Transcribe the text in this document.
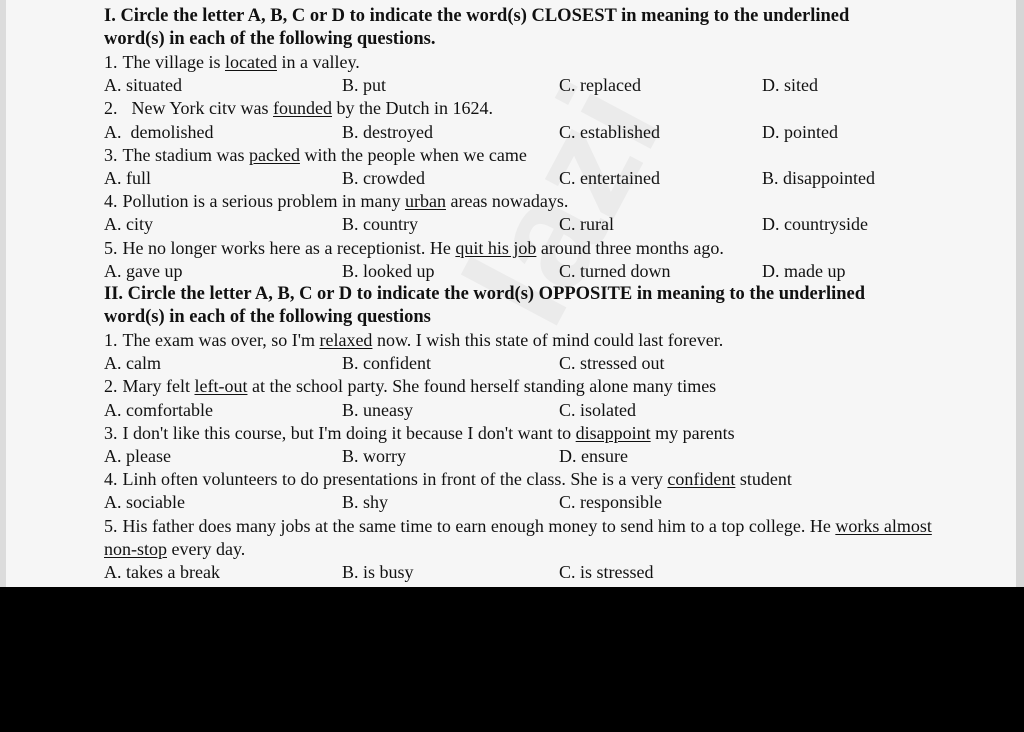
I. Circle the letter A, B, C or D to indicate the word(s) CLOSEST in meaning to the underlined
word(s) in each of the following questions.
1. The village is located in a valley.
A. situated	B. put	C. replaced	D. sited
2. New York citv was founded by the Dutch in 1624.
A.  demolished	B. destroyed	C. established	D. pointed
3. The stadium was packed with the people when we came
A. full	B. crowded	C. entertained	B. disappointed
4. Pollution is a serious problem in many urban areas nowadays.
A. city	B. country	C. rural	D. countryside
5. He no longer works here as a receptionist. He quit his job around three months ago.
A. gave up	B. looked up	C. turned down	D. made up
II. Circle the letter A, B, C or D to indicate the word(s) OPPOSITE in meaning to the underlined
word(s) in each of the following questions
1. The exam was over, so I'm relaxed now. I wish this state of mind could last forever.
A. calm	B. confident	C. stressed out
2. Mary felt left-out at the school party. She found herself standing alone many times
A. comfortable	B. uneasy	C. isolated
3. I don't like this course, but I'm doing it because I don't want to disappoint my parents
A. please	B. worry	D. ensure
4. Linh often volunteers to do presentations in front of the class. She is a very confident student
A. sociable	B. shy	C. responsible
5. His father does many jobs at the same time to earn enough money to send him to a top college. He works almost non-stop every day.
A. takes a break	B. is busy	C. is stressed
